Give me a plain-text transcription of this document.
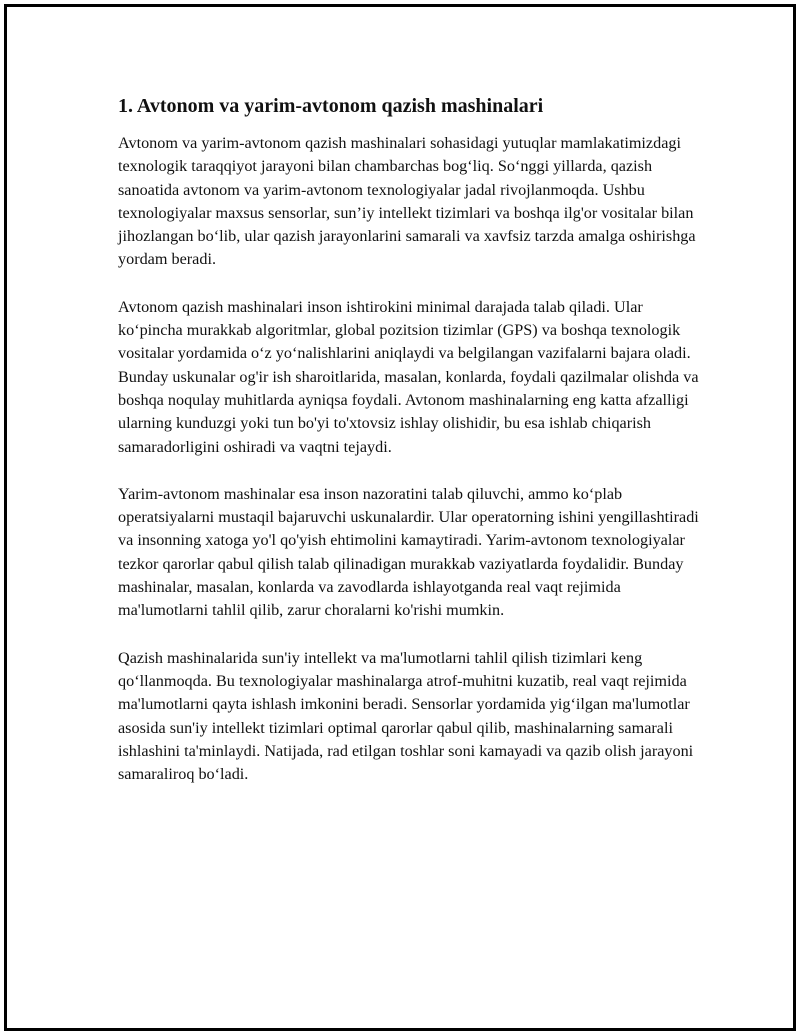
1. Avtonom va yarim-avtonom qazish mashinalari

Avtonom va yarim-avtonom qazish mashinalari sohasidagi yutuqlar mamlakatimizdagi texnologik taraqqiyot jarayoni bilan chambarchas bog‘liq. So‘nggi yillarda, qazish sanoatida avtonom va yarim-avtonom texnologiyalar jadal rivojlanmoqda. Ushbu texnologiyalar maxsus sensorlar, sun’iy intellekt tizimlari va boshqa ilg'or vositalar bilan jihozlangan bo‘lib, ular qazish jarayonlarini samarali va xavfsiz tarzda amalga oshirishga yordam beradi.

Avtonom qazish mashinalari inson ishtirokini minimal darajada talab qiladi. Ular ko‘pincha murakkab algoritmlar, global pozitsion tizimlar (GPS) va boshqa texnologik vositalar yordamida o‘z yo‘nalishlarini aniqlaydi va belgilangan vazifalarni bajara oladi. Bunday uskunalar og'ir ish sharoitlarida, masalan, konlarda, foydali qazilmalar olishda va boshqa noqulay muhitlarda ayniqsa foydali. Avtonom mashinalarning eng katta afzalligi ularning kunduzgi yoki tun bo'yi to'xtovsiz ishlay olishidir, bu esa ishlab chiqarish samaradorligini oshiradi va vaqtni tejaydi.

Yarim-avtonom mashinalar esa inson nazoratini talab qiluvchi, ammo ko‘plab operatsiyalarni mustaqil bajaruvchi uskunalardir. Ular operatorning ishini yengillashtiradi va insonning xatoga yo'l qo'yish ehtimolini kamaytiradi. Yarim-avtonom texnologiyalar tezkor qarorlar qabul qilish talab qilinadigan murakkab vaziyatlarda foydalidir. Bunday mashinalar, masalan, konlarda va zavodlarda ishlayotganda real vaqt rejimida ma'lumotlarni tahlil qilib, zarur choralarni ko'rishi mumkin.

Qazish mashinalarida sun'iy intellekt va ma'lumotlarni tahlil qilish tizimlari keng qo‘llanmoqda. Bu texnologiyalar mashinalarga atrof-muhitni kuzatib, real vaqt rejimida ma'lumotlarni qayta ishlash imkonini beradi. Sensorlar yordamida yig‘ilgan ma'lumotlar asosida sun'iy intellekt tizimlari optimal qarorlar qabul qilib, mashinalarning samarali ishlashini ta'minlaydi. Natijada, rad etilgan toshlar soni kamayadi va qazib olish jarayoni samaraliroq bo‘ladi.
